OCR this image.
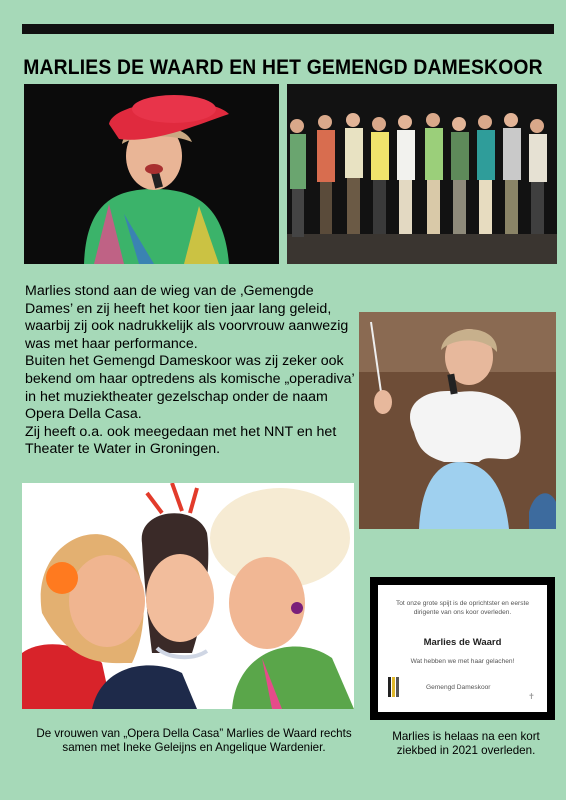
MARLIES DE WAARD EN HET GEMENGD DAMESKOOR

Marlies stond aan de wieg van de ‚Gemengde Dames’ en zij heeft het koor tien jaar lang geleid, waarbij zij ook nadrukkelijk als voorvrouw aanwezig was met haar performance.

Buiten het Gemengd Dameskoor was zij zeker ook bekend om haar optredens als komische „operadiva’ in het muziektheater gezelschap onder de naam Opera Della Casa.

Zij heeft o.a. ook meegedaan met het NNT en het Theater te Water in Groningen.

Tot onze grote spijt is de oprichtster en eerste dirigente van ons koor overleden.
Marlies de Waard
Wat hebben we met haar gelachen!
Gemengd Dameskoor
✝
De vrouwen van „Opera Della Casa” Marlies de Waard rechts samen met Ineke Geleijns en Angelique Wardenier.
Marlies is helaas na een kort ziekbed in 2021 overleden.
